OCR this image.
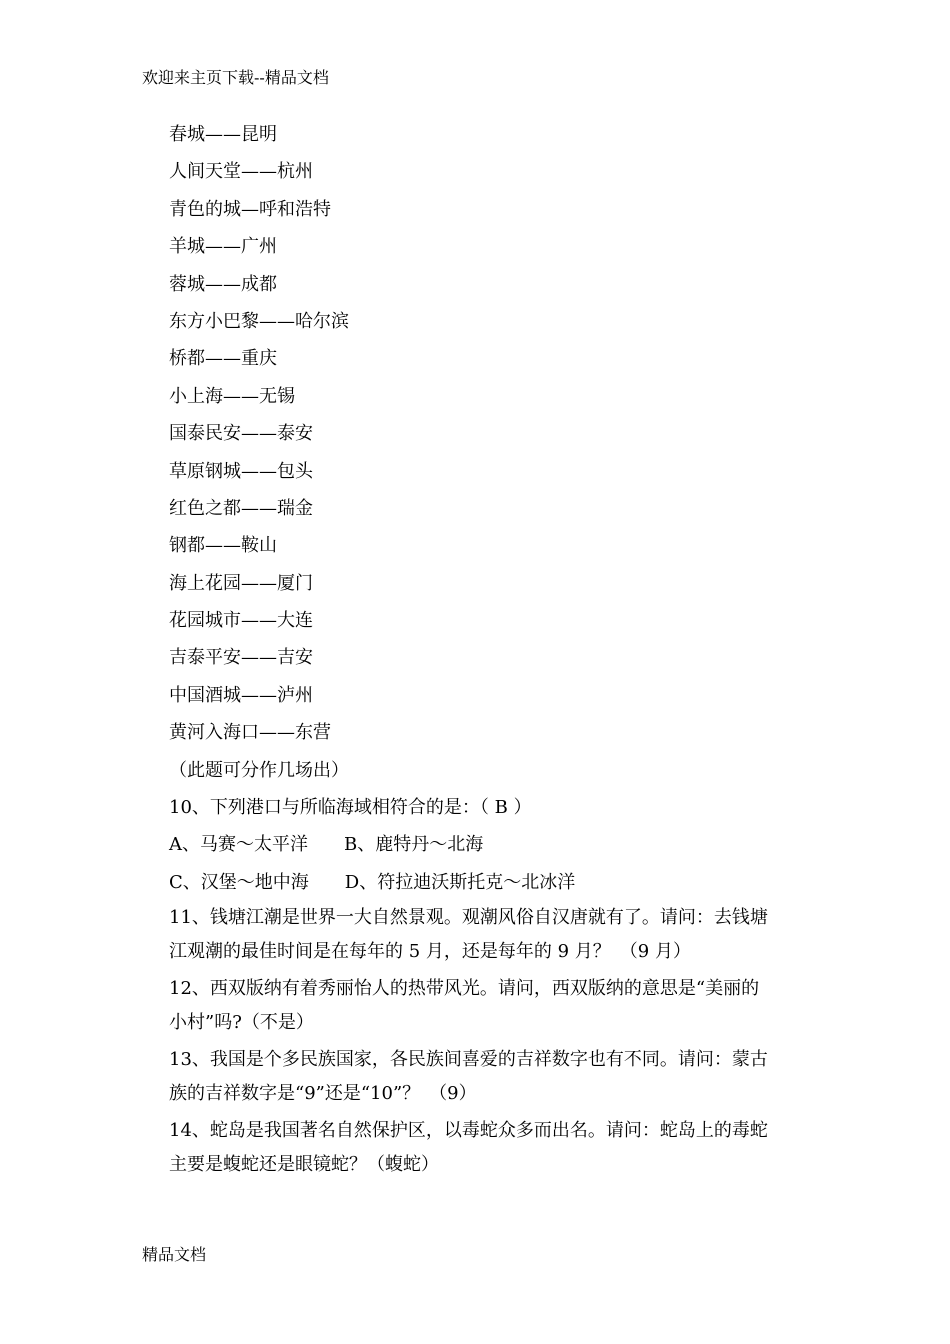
欢迎来主页下载--精品文档
春城——昆明
人间天堂——杭州
青色的城—呼和浩特
羊城——广州
蓉城——成都
东方小巴黎——哈尔滨
桥都——重庆
小上海——无锡
国泰民安——泰安
草原钢城——包头
红色之都——瑞金
钢都——鞍山
海上花园——厦门
花园城市——大连
吉泰平安——吉安
中国酒城——泸州
黄河入海口——东营
（此题可分作几场出）
10、下列港口与所临海域相符合的是：（ B ）
A、马赛～太平洋 B、鹿特丹～北海
C、汉堡～地中海 D、符拉迪沃斯托克～北冰洋
11、钱塘江潮是世界一大自然景观。观潮风俗自汉唐就有了。请问：去钱塘
江观潮的最佳时间是在每年的 5 月，还是每年的 9 月？　（9 月）
12、西双版纳有着秀丽怡人的热带风光。请问，西双版纳的意思是“美丽的
小村”吗?（不是）
13、我国是个多民族国家，各民族间喜爱的吉祥数字也有不同。请问：蒙古
族的吉祥数字是“9”还是“10”？　（9）
14、蛇岛是我国著名自然保护区，以毒蛇众多而出名。请问：蛇岛上的毒蛇
主要是蝮蛇还是眼镜蛇？（蝮蛇）
精品文档
